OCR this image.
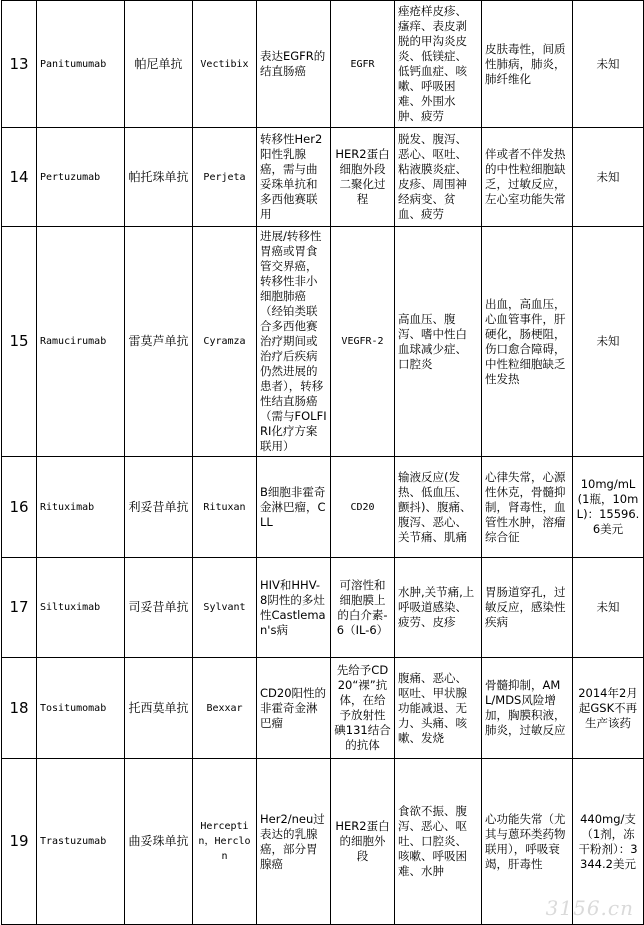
13	Panitumumab	帕尼单抗	Vectibix	表达EGFR的结直肠癌	EGFR	痤疮样皮疹、瘙痒、表皮剥脱的甲沟炎皮炎、低镁症、低钙血症、咳嗽、呼吸困难、外围水肿、疲劳	皮肤毒性，间质性肺病，肺炎，肺纤维化	未知
14	Pertuzumab	帕托珠单抗	Perjeta	转移性Her2阳性乳腺癌，需与曲妥珠单抗和多西他赛联用	HER2蛋白细胞外段二聚化过程	脱发、腹泻、恶心、呕吐、粘液膜炎症、皮疹、周围神经病变、贫血、疲劳	伴或者不伴发热的中性粒细胞缺乏，过敏反应，左心室功能失常	未知
15	Ramucirumab	雷莫芦单抗	Cyramza	进展/转移性胃癌或胃食管交界癌，转移性非小细胞肺癌（经铂类联合多西他赛治疗期间或治疗后疾病仍然进展的患者），转移性结直肠癌（需与FOLFIRI化疗方案联用）	VEGFR-2	高血压、腹泻、嗜中性白血球减少症、口腔炎	出血，高血压，心血管事件，肝硬化，肠梗阻，伤口愈合障碍，中性粒细胞缺乏性发热	未知
16	Rituximab	利妥昔单抗	Rituxan	B细胞非霍奇金淋巴瘤，CLL	CD20	输液反应(发热、低血压、颤抖)、腹痛、腹泻、恶心、关节痛、肌痛	心律失常，心源性休克，骨髓抑制，肾毒性，血管性水肿，溶瘤综合征	10mg/mL(1瓶，10mL)：15596.6美元
17	Siltuximab	司妥昔单抗	Sylvant	HIV和HHV-8阴性的多灶性Castleman's病	可溶性和细胞膜上的白介素-6（IL-6）	水肿,关节痛,上呼吸道感染、疲劳、皮疹	胃肠道穿孔，过敏反应，感染性疾病	未知
18	Tositumomab	托西莫单抗	Bexxar	CD20阳性的非霍奇金淋巴瘤	先给予CD20“裸”抗体，在给予放射性碘131结合的抗体	腹痛、恶心、呕吐、甲状腺功能减退、无力、头痛、咳嗽、发烧	骨髓抑制，AML/MDS风险增加，胸膜积液，肺炎，过敏反应	2014年2月起GSK不再生产该药
19	Trastuzumab	曲妥珠单抗	Herceptin，Herclon	Her2/neu过表达的乳腺癌，部分胃腺癌	HER2蛋白的细胞外段	食欲不振、腹泻、恶心、呕吐、口腔炎、咳嗽、呼吸困难、水肿	心功能失常（尤其与蒽环类药物联用），呼吸衰竭，肝毒性	440mg/支（1剂，冻干粉剂）：3344.2美元
3156.cn
